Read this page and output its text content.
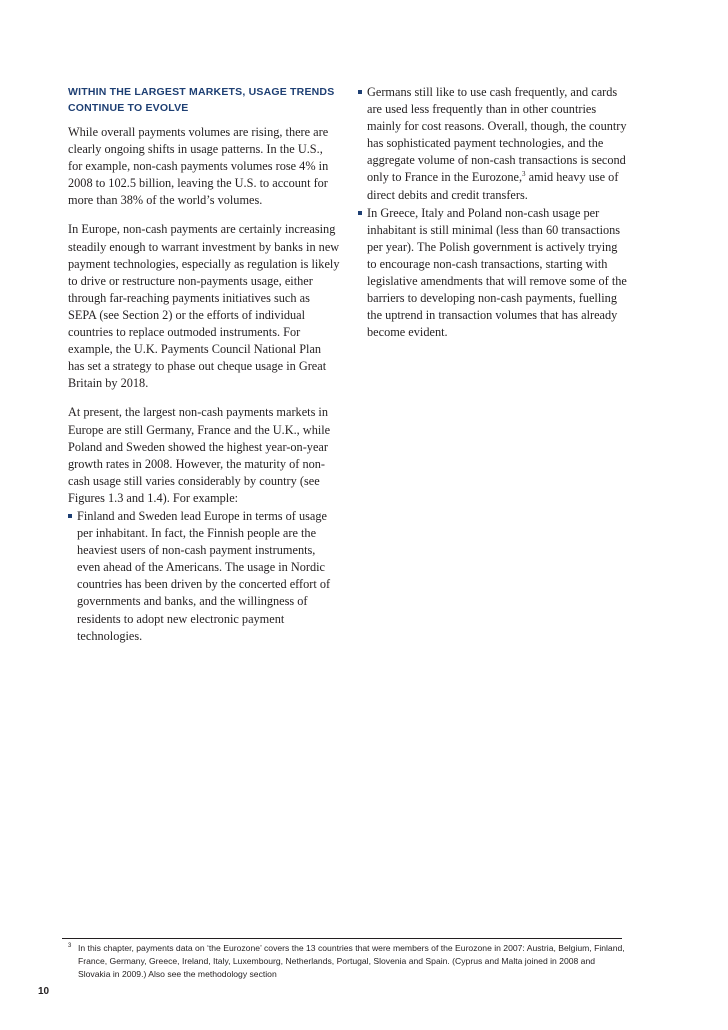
WITHIN THE LARGEST MARKETS, USAGE TRENDS CONTINUE TO EVOLVE

While overall payments volumes are rising, there are clearly ongoing shifts in usage patterns. In the U.S., for example, non-cash payments volumes rose 4% in 2008 to 102.5 billion, leaving the U.S. to account for more than 38% of the world’s volumes.

In Europe, non-cash payments are certainly increasing steadily enough to warrant investment by banks in new payment technologies, especially as regulation is likely to drive or restructure non-payments usage, either through far-reaching payments initiatives such as SEPA (see Section 2) or the efforts of individual countries to replace outmoded instruments. For example, the U.K. Payments Council National Plan has set a strategy to phase out cheque usage in Great Britain by 2018.

At present, the largest non-cash payments markets in Europe are still Germany, France and the U.K., while Poland and Sweden showed the highest year-on-year growth rates in 2008. However, the maturity of non-cash usage still varies considerably by country (see Figures 1.3 and 1.4). For example:

Finland and Sweden lead Europe in terms of usage per inhabitant. In fact, the Finnish people are the heaviest users of non-cash payment instruments, even ahead of the Americans. The usage in Nordic countries has been driven by the concerted effort of governments and banks, and the willingness of residents to adopt new electronic payment technologies.
Germans still like to use cash frequently, and cards are used less frequently than in other countries mainly for cost reasons. Overall, though, the country has sophisticated payment technologies, and the aggregate volume of non-cash transactions is second only to France in the Eurozone,$^3$ amid heavy use of direct debits and credit transfers.
In Greece, Italy and Poland non-cash usage per inhabitant is still minimal (less than 60 transactions per year). The Polish government is actively trying to encourage non-cash transactions, starting with legislative amendments that will remove some of the barriers to developing non-cash payments, fuelling the uptrend in transaction volumes that has already become evident.
3 In this chapter, payments data on ‘the Eurozone’ covers the 13 countries that were members of the Eurozone in 2007: Austria, Belgium, Finland, France, Germany, Greece, Ireland, Italy, Luxembourg, Netherlands, Portugal, Slovenia and Spain. (Cyprus and Malta joined in 2008 and Slovakia in 2009.) Also see the methodology section
10
